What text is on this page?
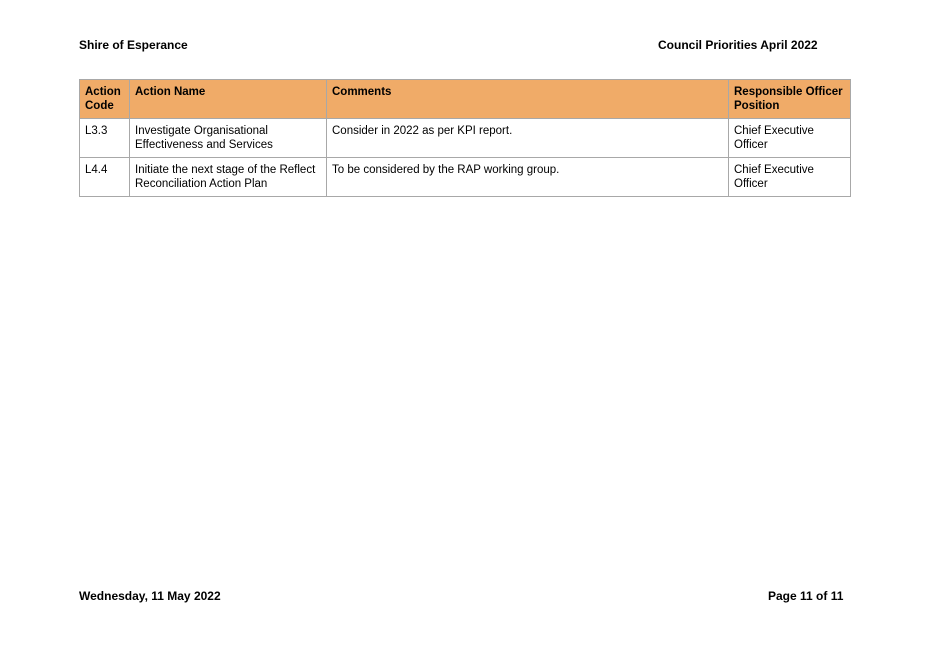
Shire of Esperance	Council Priorities April 2022
Action Code	Action Name	Comments	Responsible Officer Position
L3.3	Investigate Organisational Effectiveness and Services	Consider in 2022 as per KPI report.	Chief Executive Officer
L4.4	Initiate the next stage of the Reflect Reconciliation Action Plan	To be considered by the RAP working group.	Chief Executive Officer
Wednesday, 11 May 2022	Page 11 of 11
